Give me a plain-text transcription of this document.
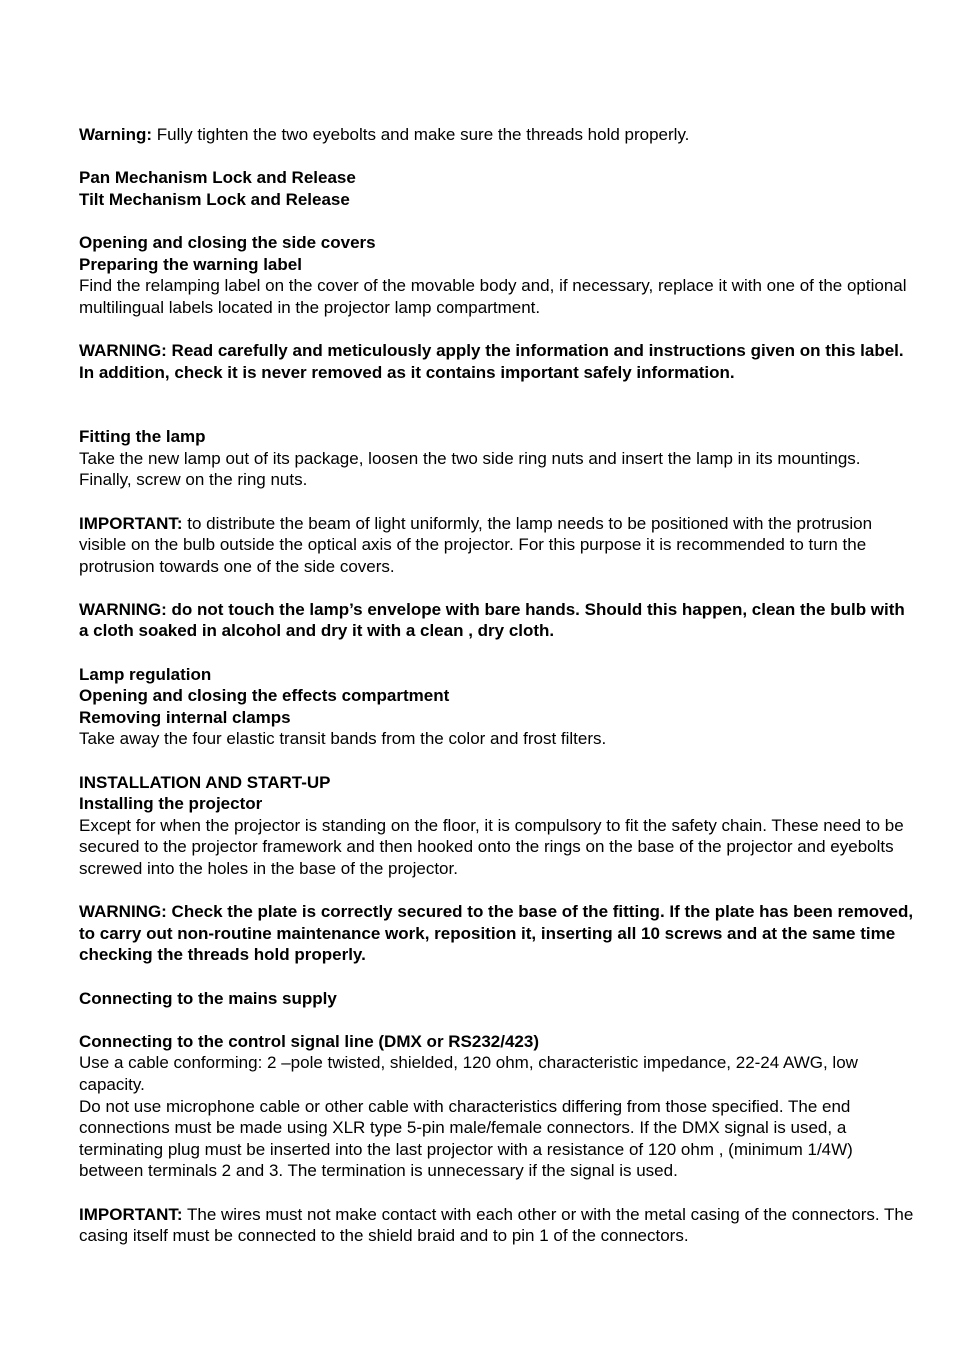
Warning: Fully tighten the two eyebolts and make sure the threads hold properly.

Pan Mechanism Lock and Release

Tilt Mechanism Lock and Release

Opening and closing the side covers

Preparing the warning label

Find the relamping label on the cover of the movable body and, if necessary, replace it with one of the optional multilingual labels located in the projector lamp compartment.

WARNING: Read carefully and meticulously apply the information and instructions given on this label. In addition, check it is never removed as it contains important safely information.

Fitting the lamp

Take the new lamp out of its package, loosen the two side ring nuts and insert the lamp in its mountings. Finally, screw on the ring nuts.

IMPORTANT: to distribute the beam of light uniformly, the lamp needs to be positioned with the protrusion visible on the bulb outside the optical axis of the projector. For this purpose it is recommended to turn the protrusion towards one of the side covers.

WARNING: do not touch the lamp’s envelope with bare hands. Should this happen, clean the bulb with a cloth soaked in alcohol and dry it with a clean , dry cloth.

Lamp regulation

Opening and closing the effects compartment

Removing internal clamps

Take away the four elastic transit bands from the color and frost filters.

INSTALLATION AND START-UP

Installing the projector

Except for when the projector is standing on the floor, it is compulsory to fit the safety chain. These need to be secured to the projector framework and then hooked onto the rings on the base of the projector and eyebolts screwed into the holes in the base of the projector.

WARNING: Check the plate is correctly secured to the base of the fitting. If the plate has been removed, to carry out non-routine maintenance work, reposition it, inserting all 10 screws and at the same time checking the threads hold properly.

Connecting to the mains supply

Connecting to the control signal line (DMX or RS232/423)

Use a cable conforming: 2 –pole twisted, shielded, 120 ohm, characteristic impedance, 22-24 AWG, low capacity.

Do not use microphone cable or other cable with characteristics differing from those specified. The end connections must be made using XLR type 5-pin male/female connectors. If the DMX signal is used, a terminating plug must be inserted into the last projector with a resistance of 120 ohm , (minimum 1/4W) between terminals 2 and 3. The termination is unnecessary if the signal is used.

IMPORTANT: The wires must not make contact with each other or with the metal casing of the connectors. The casing itself must be connected to the shield braid and to pin 1 of the connectors.
